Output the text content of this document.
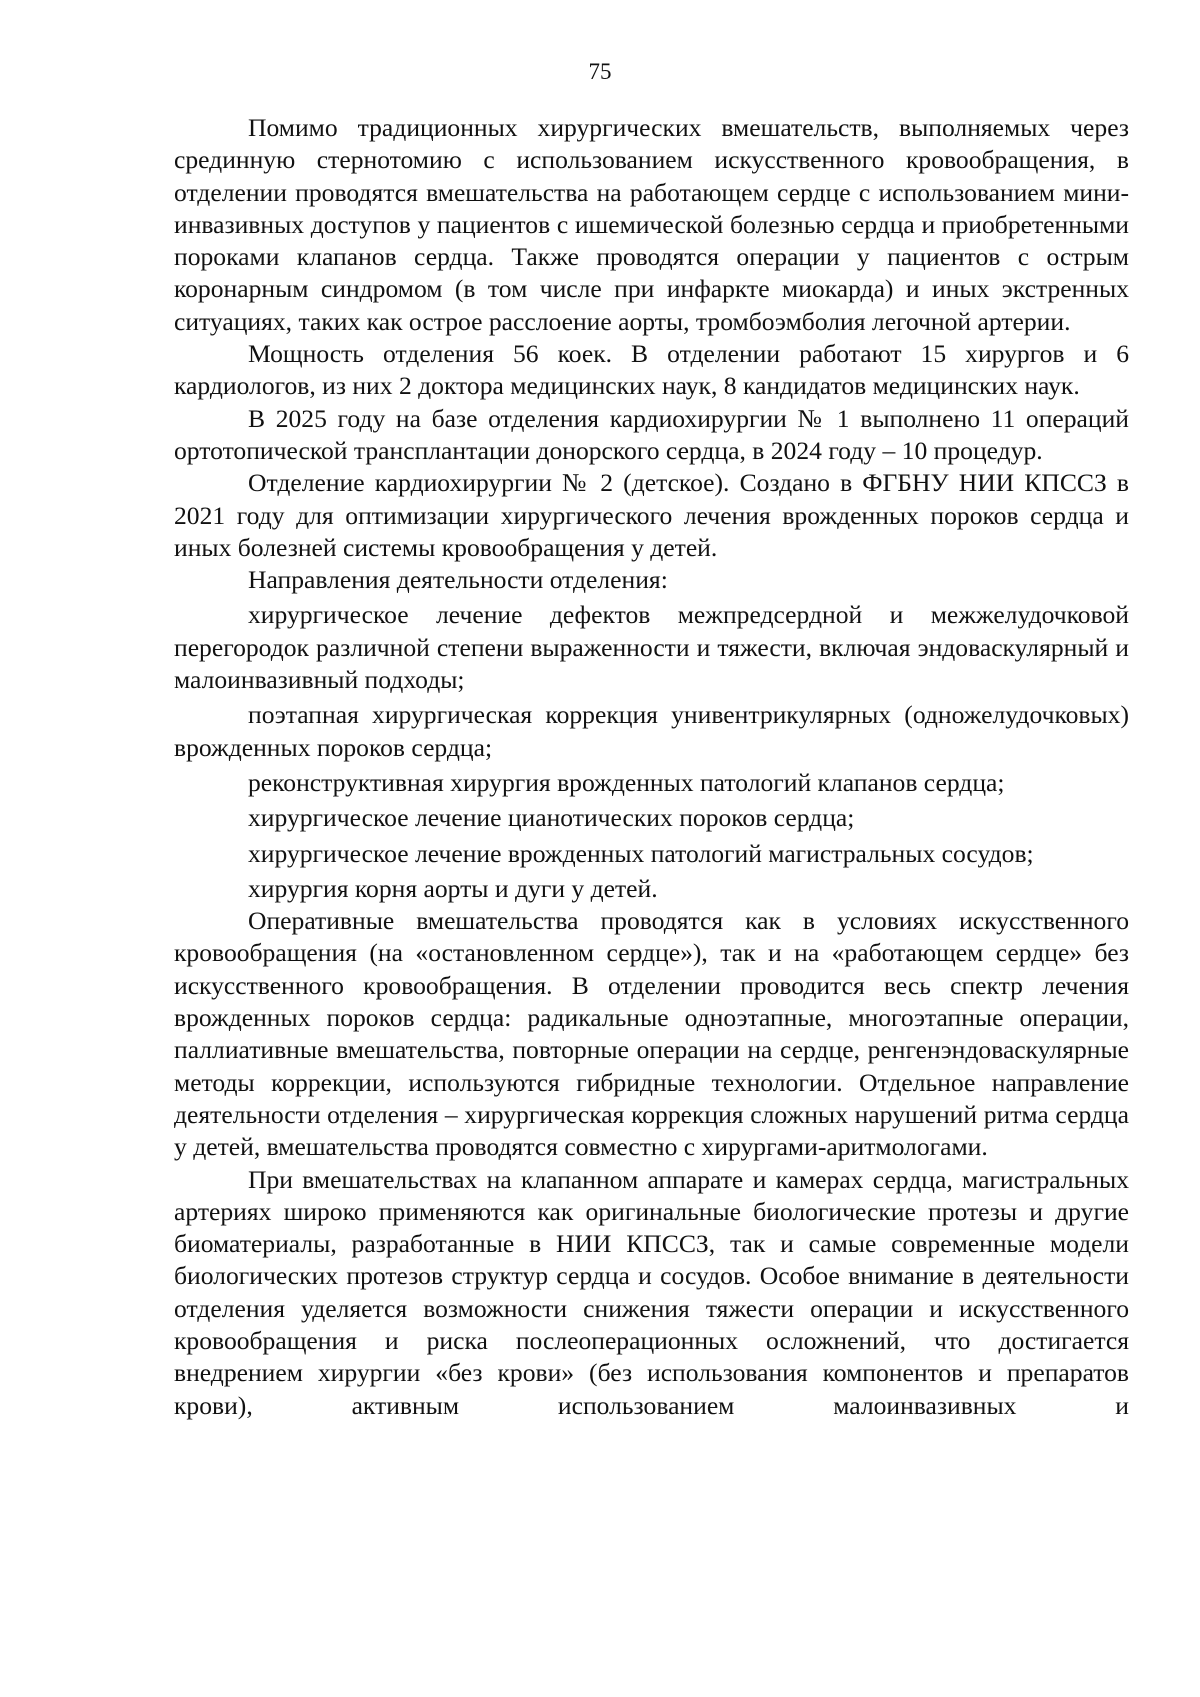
75

Помимо традиционных хирургических вмешательств, выполняемых через срединную стернотомию с использованием искусственного кровообращения, в отделении проводятся вмешательства на работающем сердце с использованием мини-инвазивных доступов у пациентов с ишемической болезнью сердца и приобретенными пороками клапанов сердца. Также проводятся операции у пациентов с острым коронарным синдромом (в том числе при инфаркте миокарда) и иных экстренных ситуациях, таких как острое расслоение аорты, тромбоэмболия легочной артерии.

Мощность отделения 56 коек. В отделении работают 15 хирургов и 6 кардиологов, из них 2 доктора медицинских наук, 8 кандидатов медицинских наук.

В 2025 году на базе отделения кардиохирургии № 1 выполнено 11 операций ортотопической трансплантации донорского сердца, в 2024 году – 10 процедур.

Отделение кардиохирургии № 2 (детское). Создано в ФГБНУ НИИ КПССЗ в 2021 году для оптимизации хирургического лечения врожденных пороков сердца и иных болезней системы кровообращения у детей.

Направления деятельности отделения:

хирургическое лечение дефектов межпредсердной и межжелудочковой перегородок различной степени выраженности и тяжести, включая эндоваскулярный и малоинвазивный подходы;

поэтапная хирургическая коррекция унивентрикулярных (одножелудочковых) врожденных пороков сердца;

реконструктивная хирургия врожденных патологий клапанов сердца;

хирургическое лечение цианотических пороков сердца;

хирургическое лечение врожденных патологий магистральных сосудов;

хирургия корня аорты и дуги у детей.

Оперативные вмешательства проводятся как в условиях искусственного кровообращения (на «остановленном сердце»), так и на «работающем сердце» без искусственного кровообращения. В отделении проводится весь спектр лечения врожденных пороков сердца: радикальные одноэтапные, многоэтапные операции, паллиативные вмешательства, повторные операции на сердце, ренгенэндоваскулярные методы коррекции, используются гибридные технологии. Отдельное направление деятельности отделения – хирургическая коррекция сложных нарушений ритма сердца у детей, вмешательства проводятся совместно с хирургами-аритмологами.

При вмешательствах на клапанном аппарате и камерах сердца, магистральных артериях широко применяются как оригинальные биологические протезы и другие биоматериалы, разработанные в НИИ КПССЗ, так и самые современные модели биологических протезов структур сердца и сосудов. Особое внимание в деятельности отделения уделяется возможности снижения тяжести операции и искусственного кровообращения и риска послеоперационных осложнений, что достигается внедрением хирургии «без крови» (без использования компонентов и препаратов крови), активным использованием малоинвазивных и
